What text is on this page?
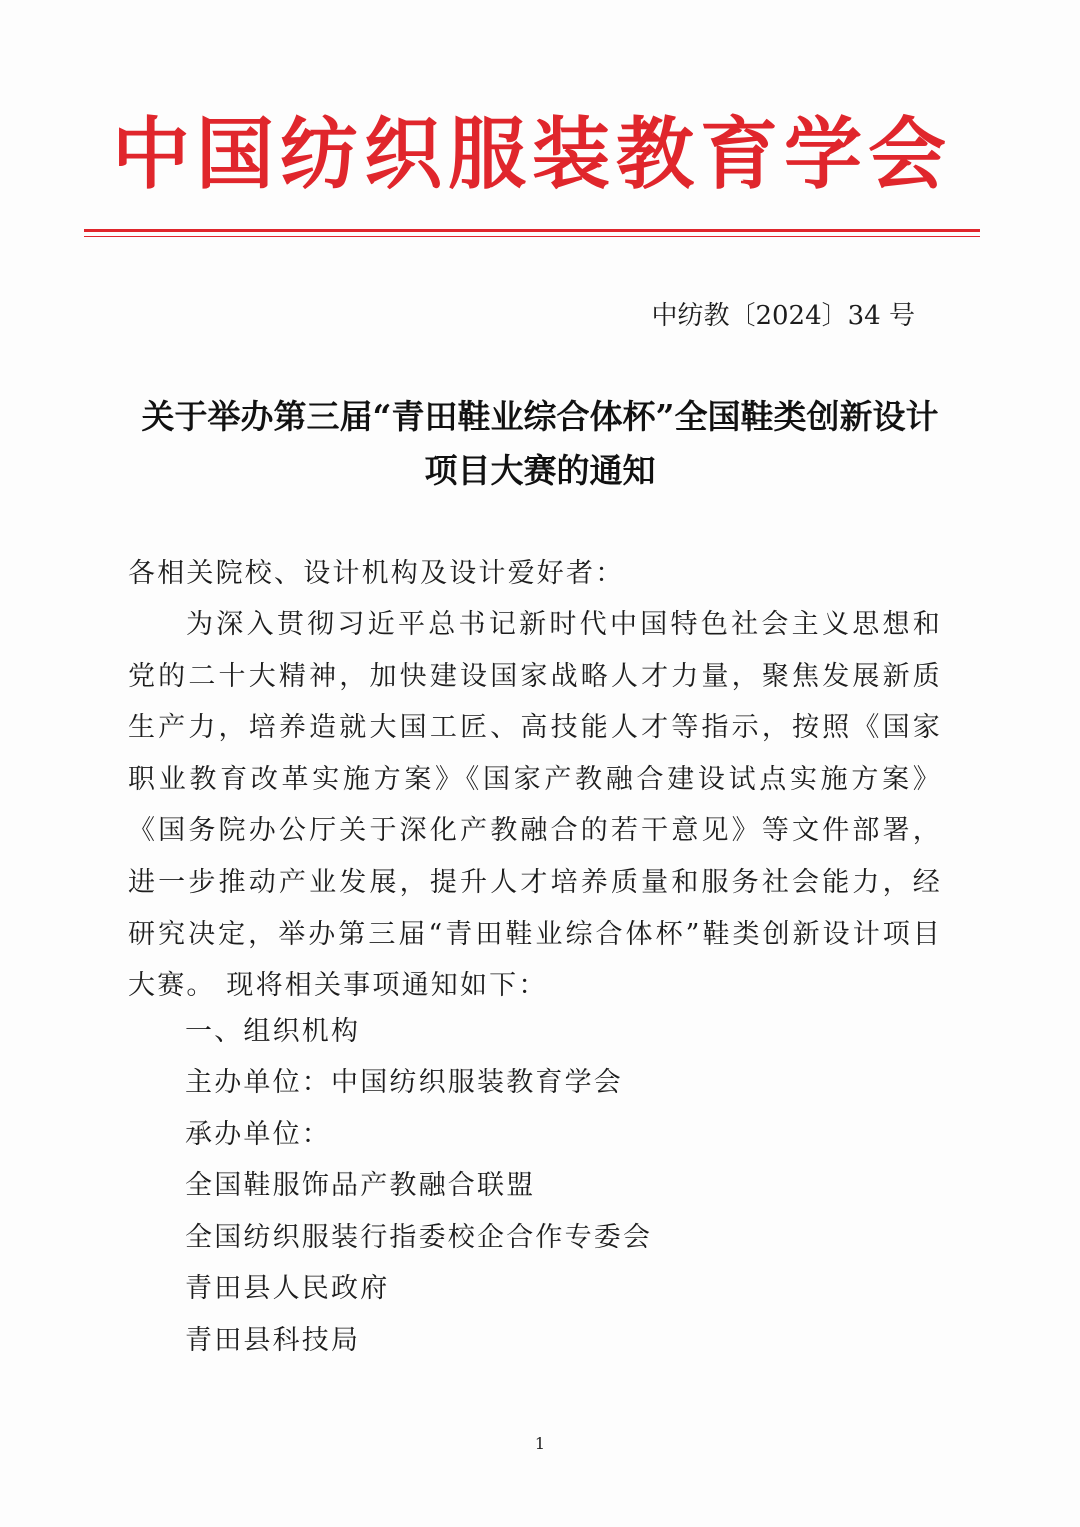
中国纺织服装教育学会
中纺教〔2024〕34 号
关于举办第三届“青田鞋业综合体杯”全国鞋类创新设计
项目大赛的通知
各相关院校、设计机构及设计爱好者：
为深入贯彻习近平总书记新时代中国特色社会主义思想和党的二十大精神，加快建设国家战略人才力量，聚焦发展新质生产力，培养造就大国工匠、高技能人才等指示，按照《国家职业教育改革实施方案》《国家产教融合建设试点实施方案》《国务院办公厅关于深化产教融合的若干意见》等文件部署，进一步推动产业发展，提升人才培养质量和服务社会能力，经研究决定，举办第三届“青田鞋业综合体杯”鞋类创新设计项目大赛。 现将相关事项通知如下：
一、组织机构
主办单位：中国纺织服装教育学会
承办单位：
全国鞋服饰品产教融合联盟
全国纺织服装行指委校企合作专委会
青田县人民政府
青田县科技局
1
